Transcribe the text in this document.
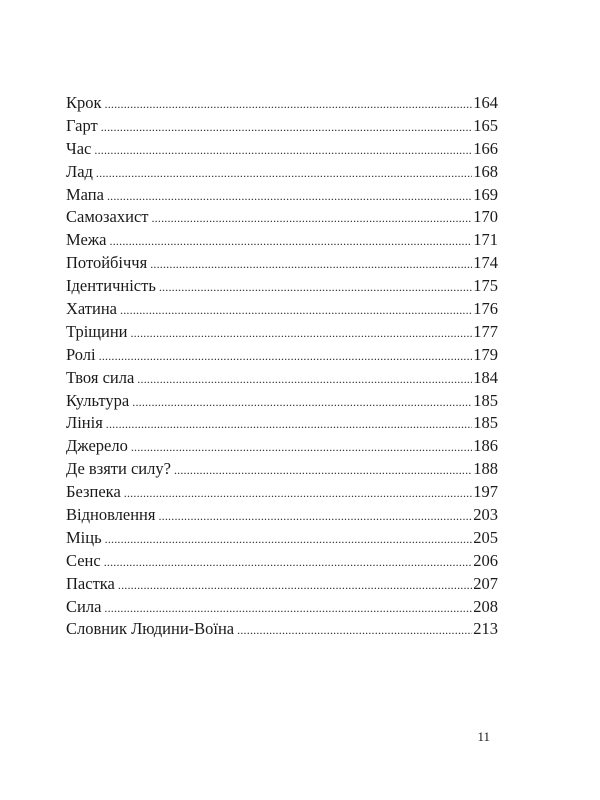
Крок .....	164
Гарт .....	165
Час .....	166
Лад .....	168
Мапа .....	169
Самозахист .....	170
Межа .....	171
Потойбіччя .....	174
Ідентичність .....	175
Хатина .....	176
Тріщини .....	177
Ролі .....	179
Твоя сила .....	184
Культура .....	185
Лінія .....	185
Джерело .....	186
Де взяти силу? .....	188
Безпека .....	197
Відновлення .....	203
Міць .....	205
Сенс .....	206
Пастка .....	207
Сила .....	208
Словник Людини-Воїна .....	213
11
